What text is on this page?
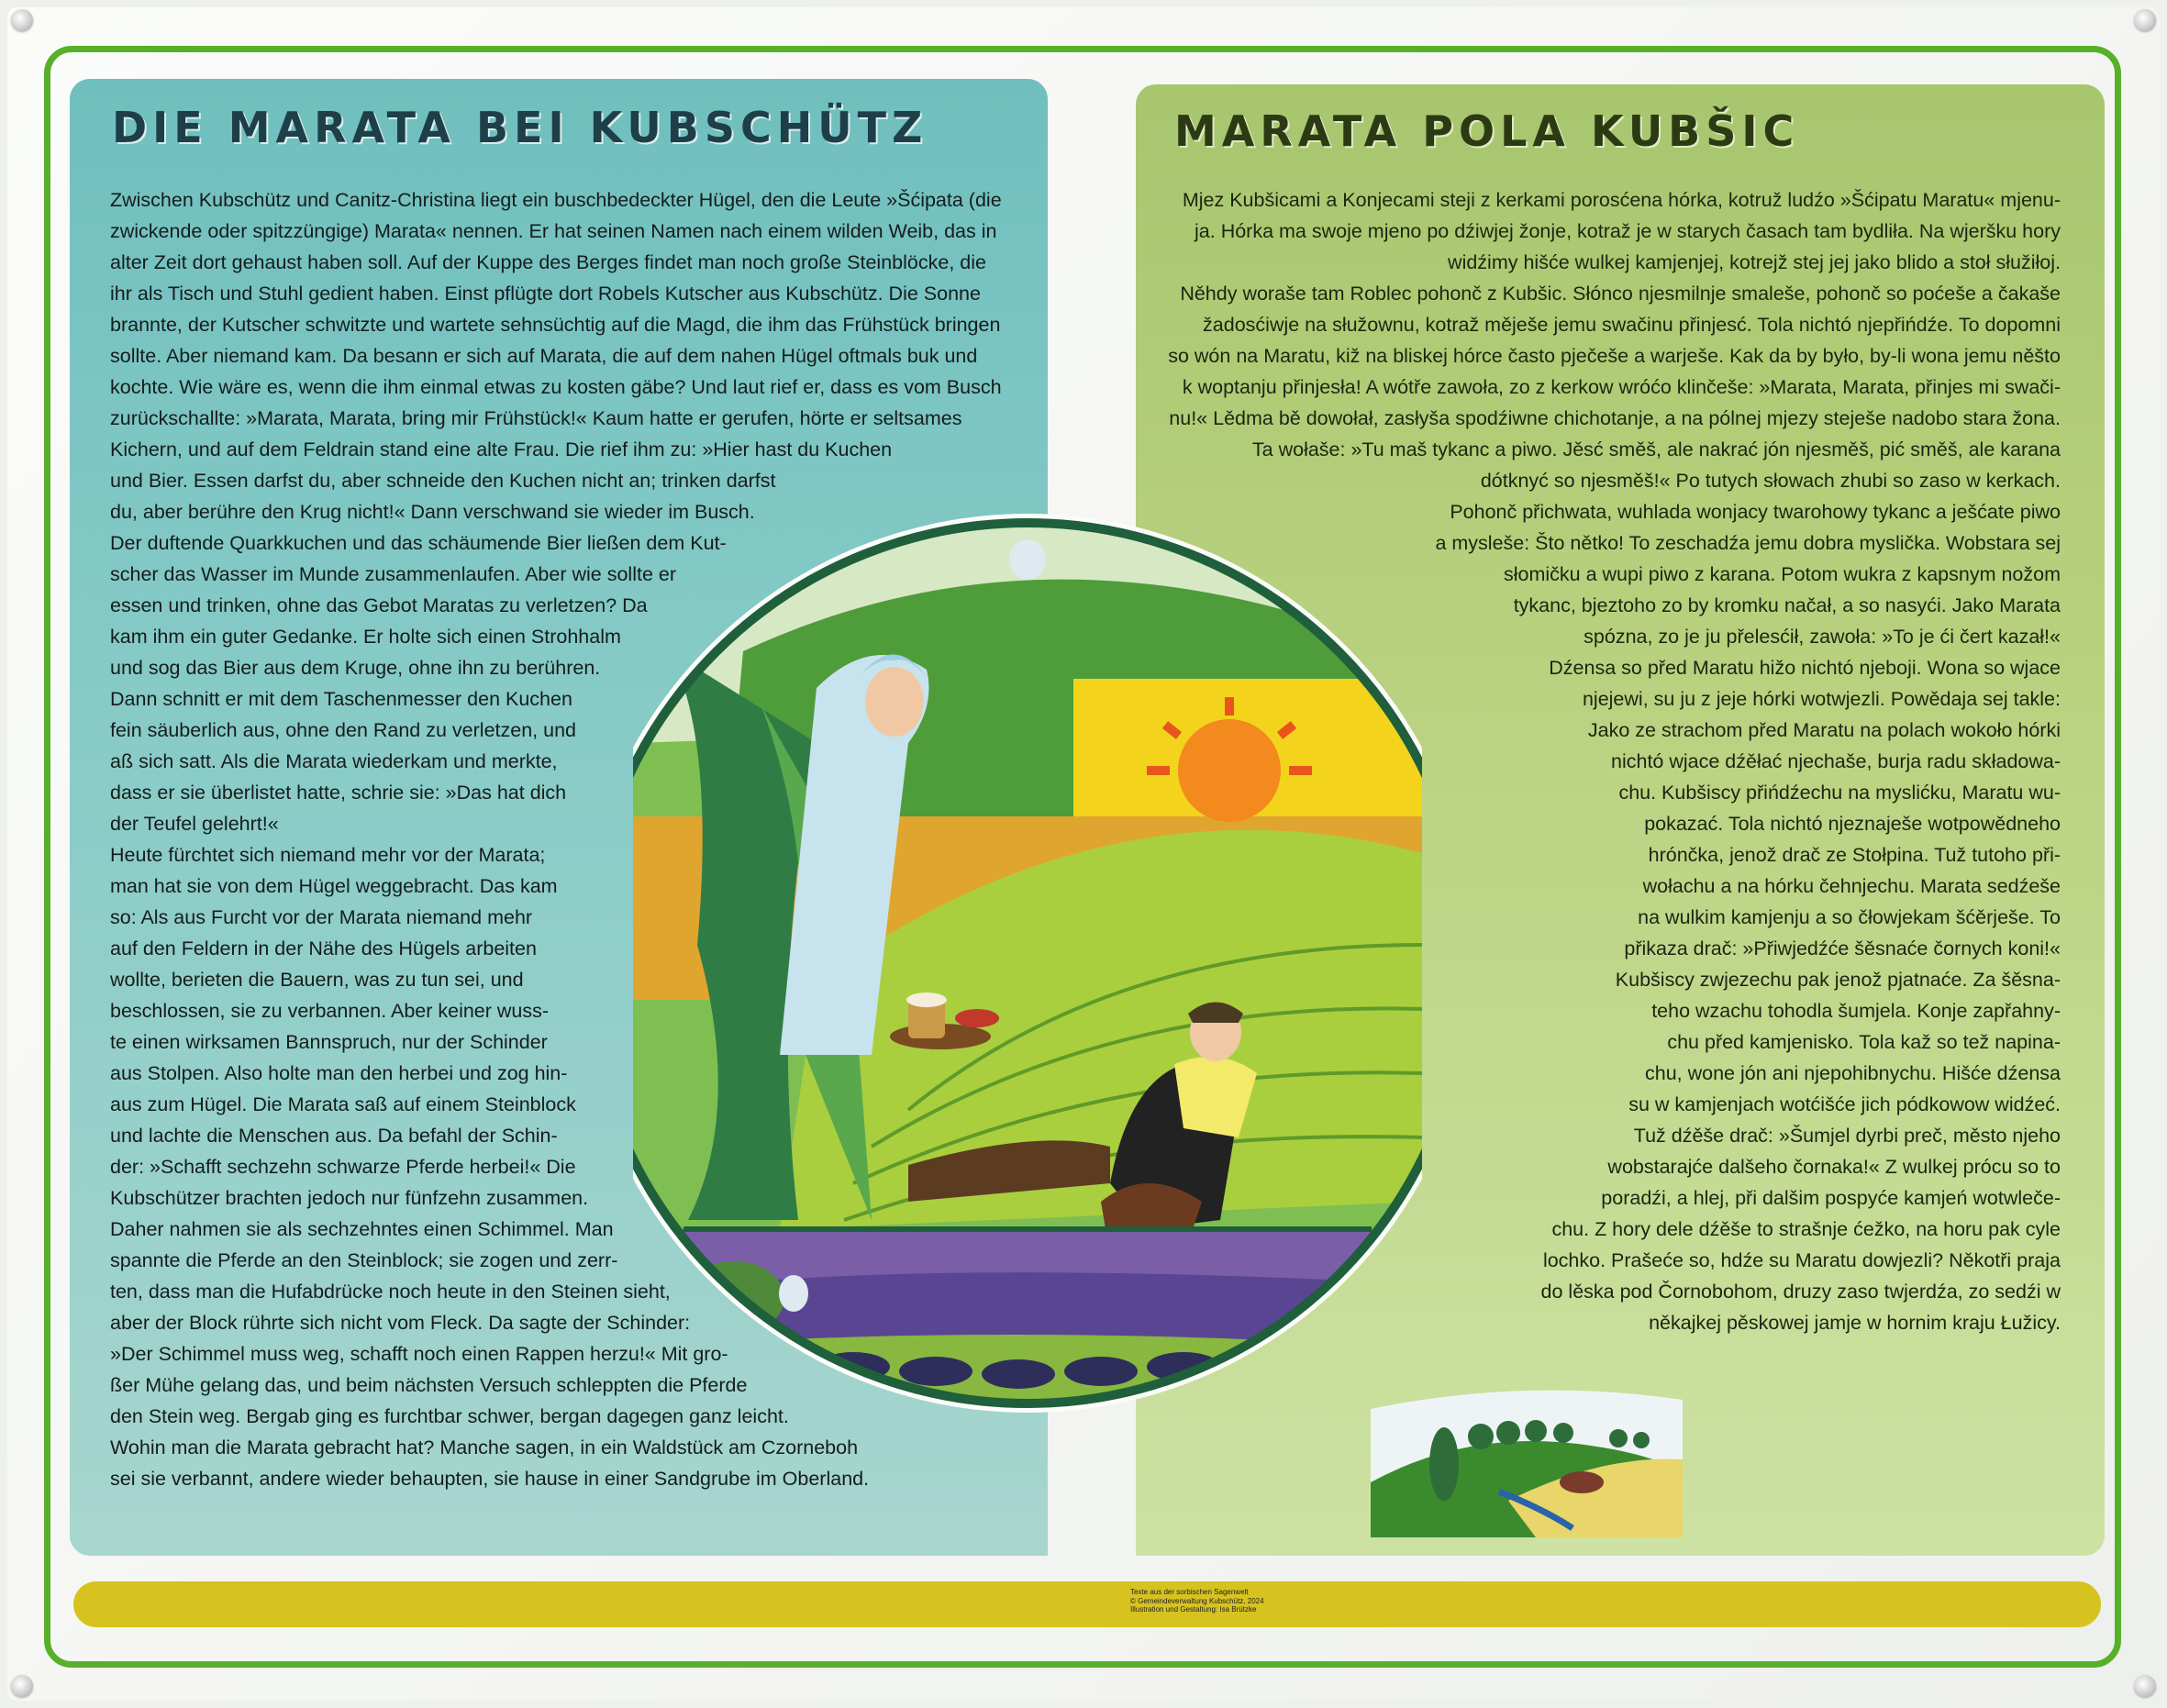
DIE MARATA BEI KUBSCHÜTZ	MARATA POLA KUBŠIC
Zwischen Kubschütz und Canitz-Christina liegt ein buschbedeckter Hügel, den die Leute »Šćipata (die
zwickende oder spitzzüngige) Marata« nennen. Er hat seinen Namen nach einem wilden Weib, das in
alter Zeit dort gehaust haben soll. Auf der Kuppe des Berges findet man noch große Steinblöcke, die
ihr als Tisch und Stuhl gedient haben. Einst pflügte dort Robels Kutscher aus Kubschütz. Die Sonne
brannte, der Kutscher schwitzte und wartete sehnsüchtig auf die Magd, die ihm das Frühstück bringen
sollte. Aber niemand kam. Da besann er sich auf Marata, die auf dem nahen Hügel oftmals buk und
kochte. Wie wäre es, wenn die ihm einmal etwas zu kosten gäbe? Und laut rief er, dass es vom Busch
zurückschallte: »Marata, Marata, bring mir Frühstück!« Kaum hatte er gerufen, hörte er seltsames
Kichern, und auf dem Feldrain stand eine alte Frau. Die rief ihm zu: »Hier hast du Kuchen
und Bier. Essen darfst du, aber schneide den Kuchen nicht an; trinken darfst
du, aber berühre den Krug nicht!« Dann verschwand sie wieder im Busch.
Der duftende Quarkkuchen und das schäumende Bier ließen dem Kut-
scher das Wasser im Munde zusammenlaufen. Aber wie sollte er
essen und trinken, ohne das Gebot Maratas zu verletzen? Da
kam ihm ein guter Gedanke. Er holte sich einen Strohhalm
und sog das Bier aus dem Kruge, ohne ihn zu berühren.
Dann schnitt er mit dem Taschenmesser den Kuchen
fein säuberlich aus, ohne den Rand zu verletzen, und
aß sich satt. Als die Marata wiederkam und merkte,
dass er sie überlistet hatte, schrie sie: »Das hat dich
der Teufel gelehrt!«
Heute fürchtet sich niemand mehr vor der Marata;
man hat sie von dem Hügel weggebracht. Das kam
so: Als aus Furcht vor der Marata niemand mehr
auf den Feldern in der Nähe des Hügels arbeiten
wollte, berieten die Bauern, was zu tun sei, und
beschlossen, sie zu verbannen. Aber keiner wuss-
te einen wirksamen Bannspruch, nur der Schinder
aus Stolpen. Also holte man den herbei und zog hin-
aus zum Hügel. Die Marata saß auf einem Steinblock
und lachte die Menschen aus. Da befahl der Schin-
der: »Schafft sechzehn schwarze Pferde herbei!« Die
Kubschützer brachten jedoch nur fünfzehn zusammen.
Daher nahmen sie als sechzehntes einen Schimmel. Man
spannte die Pferde an den Steinblock; sie zogen und zerr-
ten, dass man die Hufabdrücke noch heute in den Steinen sieht,
aber der Block rührte sich nicht vom Fleck. Da sagte der Schinder:
»Der Schimmel muss weg, schafft noch einen Rappen herzu!« Mit gro-
ßer Mühe gelang das, und beim nächsten Versuch schleppten die Pferde
den Stein weg. Bergab ging es furchtbar schwer, bergan dagegen ganz leicht.
Wohin man die Marata gebracht hat? Manche sagen, in ein Waldstück am Czorneboh
sei sie verbannt, andere wieder behaupten, sie hause in einer Sandgrube im Oberland.
Mjez Kubšicami a Konjecami steji z kerkami porosćena hórka, kotruž ludźo »Šćipatu Maratu« mjenu-
ja. Hórka ma swoje mjeno po dźiwjej žonje, kotraž je w starych časach tam bydliła. Na wjeršku hory
widźimy hišće wulkej kamjenjej, kotrejž stej jej jako blido a stoł słužiłoj.
Něhdy woraše tam Roblec pohonč z Kubšic. Słónco njesmilnje smaleše, pohonč so poćeše a čakaše
žadosćiwje na słužownu, kotraž měješe jemu swačinu přinjesć. Tola nichtó njepřińdźe. To dopomni
so wón na Maratu, kiž na bliskej hórce často pječeše a warješe. Kak da by było, by-li wona jemu něšto
k woptanju přinjesła! A wótře zawoła, zo z kerkow wróćo klinčeše: »Marata, Marata, přinjes mi swači-
nu!« Lědma bě dowołał, zasłyša spodźiwne chichotanje, a na pólnej mjezy steješe nadobo stara žona.
Ta wołaše: »Tu maš tykanc a piwo. Jěsć směš, ale nakrać jón njesměš, pić směš, ale karana
dótknyć so njesměš!« Po tutych słowach zhubi so zaso w kerkach.
Pohonč přichwata, wuhlada wonjacy twarohowy tykanc a ješćate piwo
a mysleše: Što nětko! To zeschadźa jemu dobra myslička. Wobstara sej
słomičku a wupi piwo z karana. Potom wukra z kapsnym nožom
tykanc, bjeztoho zo by kromku načał, a so nasyći. Jako Marata
spózna, zo je ju přelesćił, zawoła: »To je ći čert kazał!«
Dźensa so před Maratu hižo nichtó njeboji. Wona so wjace
njejewi, su ju z jeje hórki wotwjezli. Powědaja sej takle:
Jako ze strachom před Maratu na polach wokoło hórki
nichtó wjace dźěłać njechaše, burja radu składowa-
chu. Kubšiscy přińdźechu na myslićku, Maratu wu-
pokazać. Tola nichtó njeznaješe wotpowědneho
hrónčka, jenož drač ze Stołpina. Tuž tutoho při-
wołachu a na hórku čehnjechu. Marata sedźeše
na wulkim kamjenju a so čłowjekam šćěrješe. To
přikaza drač: »Přiwjedźće šěsnaće čornych koni!«
Kubšiscy zwjezechu pak jenož pjatnaće. Za šěsna-
teho wzachu tohodla šumjela. Konje zapřahny-
chu před kamjenisko. Tola kaž so tež napina-
chu, wone jón ani njepohibnychu. Hišće dźensa
su w kamjenjach wotćišće jich pódkowow widźeć.
Tuž dźěše drač: »Šumjel dyrbi preč, město njeho
wobstarajće dalšeho čornaka!« Z wulkej prócu so to
poradźi, a hlej, při dalšim pospyće kamjeń wotwleče-
chu. Z hory dele dźěše to strašnje ćežko, na horu pak cyle
lochko. Prašeće so, hdźe su Maratu dowjezli? Někotři praja
do lěska pod Čornobohom, druzy zaso twjerdźa, zo sedźi w
někajkej pěskowej jamje w hornim kraju Łužicy.
Texte aus der sorbischen Sagenwelt
© Gemeindeverwaltung Kubschütz, 2024
Illustration und Gestaltung: Isa Brützke
